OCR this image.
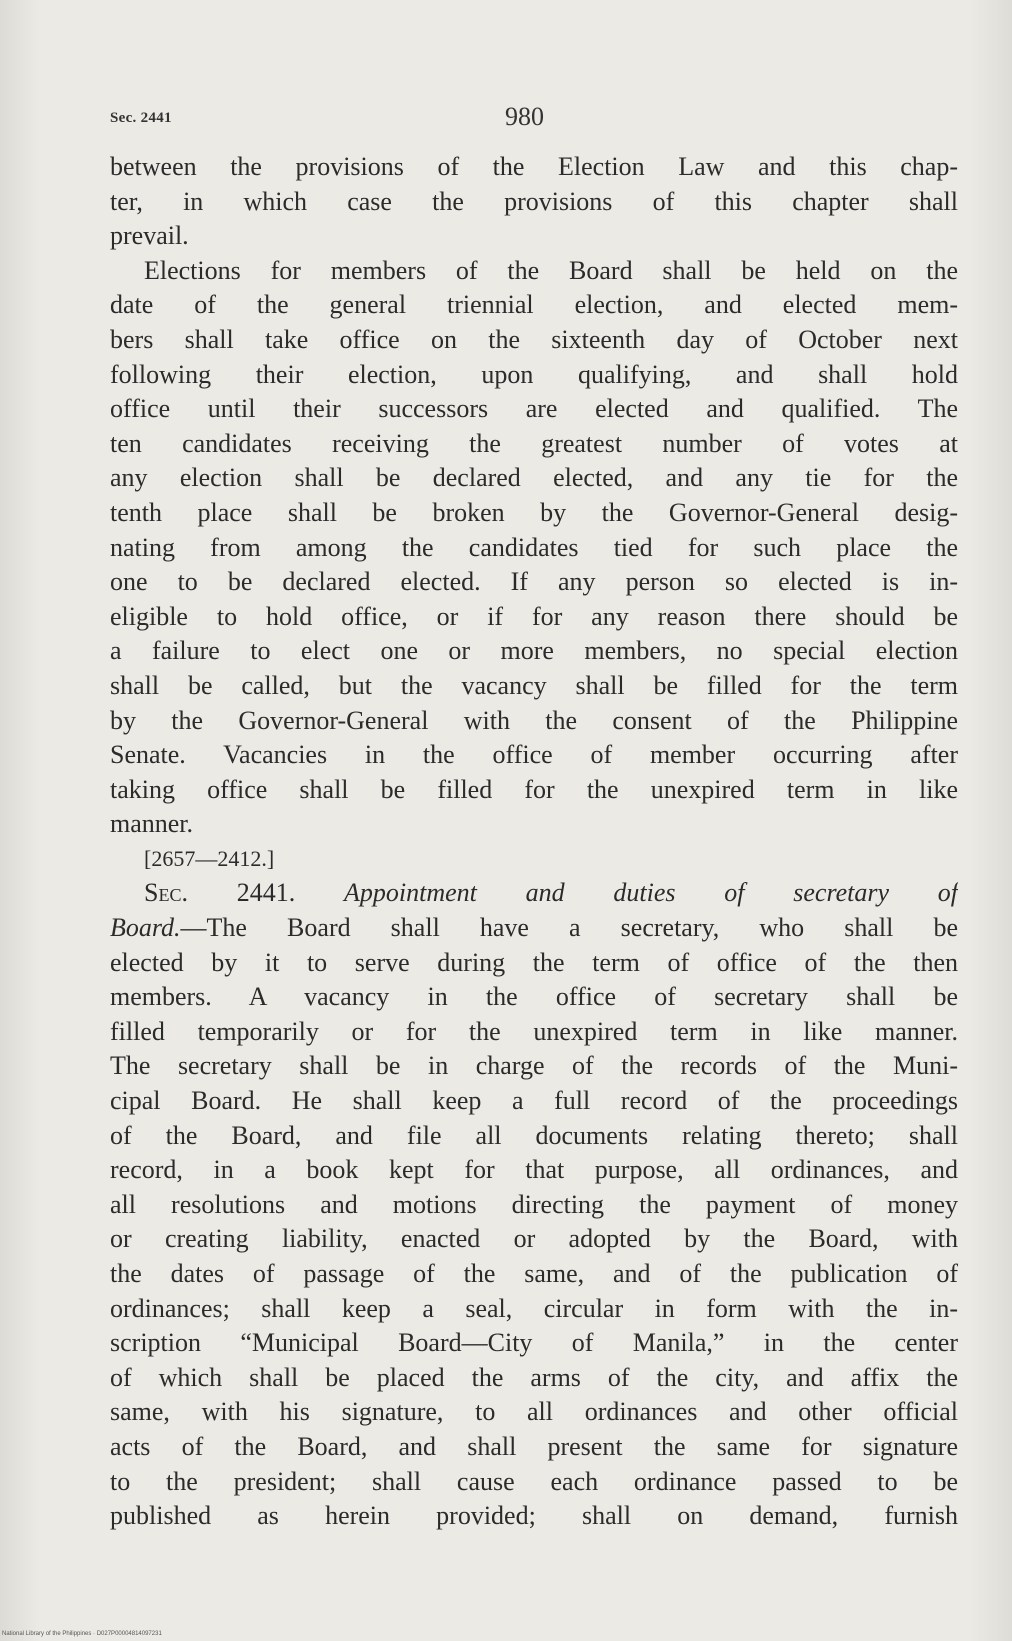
Sec. 2441	980
between the provisions of the Election Law and this chap-
ter, in which case the provisions of this chapter shall
prevail.
Elections for members of the Board shall be held on the
date of the general triennial election, and elected mem-
bers shall take office on the sixteenth day of October next
following their election, upon qualifying, and shall hold
office until their successors are elected and qualified. The
ten candidates receiving the greatest number of votes at
any election shall be declared elected, and any tie for the
tenth place shall be broken by the Governor-General desig-
nating from among the candidates tied for such place the
one to be declared elected. If any person so elected is in-
eligible to hold office, or if for any reason there should be
a failure to elect one or more members, no special election
shall be called, but the vacancy shall be filled for the term
by the Governor-General with the consent of the Philippine
Senate. Vacancies in the office of member occurring after
taking office shall be filled for the unexpired term in like
manner.
[2657—2412.]
Sec. 2441. Appointment and duties of secretary of
Board.—The Board shall have a secretary, who shall be
elected by it to serve during the term of office of the then
members. A vacancy in the office of secretary shall be
filled temporarily or for the unexpired term in like manner.
The secretary shall be in charge of the records of the Muni-
cipal Board. He shall keep a full record of the proceedings
of the Board, and file all documents relating thereto; shall
record, in a book kept for that purpose, all ordinances, and
all resolutions and motions directing the payment of money
or creating liability, enacted or adopted by the Board, with
the dates of passage of the same, and of the publication of
ordinances; shall keep a seal, circular in form with the in-
scription “Municipal Board—City of Manila,” in the center
of which shall be placed the arms of the city, and affix the
same, with his signature, to all ordinances and other official
acts of the Board, and shall present the same for signature
to the president; shall cause each ordinance passed to be
published as herein provided; shall on demand, furnish
National Library of the Philippines · D027P00004814097231
